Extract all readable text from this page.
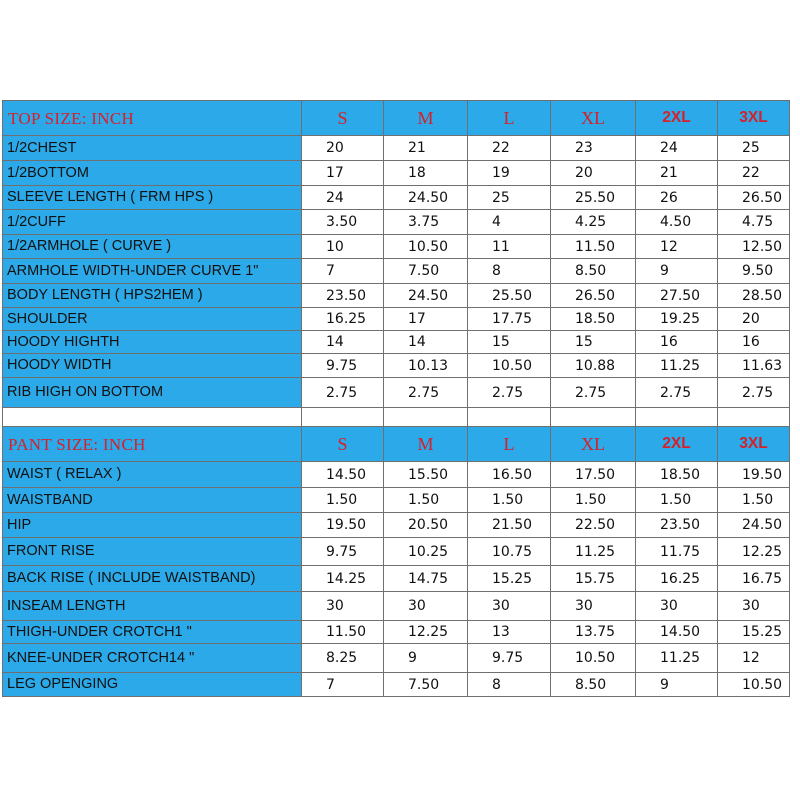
TOP SIZE: INCH	S	M	L	XL	2XL	3XL
1/2CHEST	20	21	22	23	24	25
1/2BOTTOM	17	18	19	20	21	22
SLEEVE LENGTH ( FRM HPS )	24	24.50	25	25.50	26	26.50
1/2CUFF	3.50	3.75	4	4.25	4.50	4.75
1/2ARMHOLE ( CURVE )	10	10.50	11	11.50	12	12.50
ARMHOLE WIDTH-UNDER CURVE 1"	7	7.50	8	8.50	9	9.50
BODY LENGTH ( HPS2HEM )	23.50	24.50	25.50	26.50	27.50	28.50
SHOULDER	16.25	17	17.75	18.50	19.25	20
HOODY HIGHTH	14	14	15	15	16	16
HOODY WIDTH	9.75	10.13	10.50	10.88	11.25	11.63
RIB HIGH ON BOTTOM	2.75	2.75	2.75	2.75	2.75	2.75

PANT SIZE: INCH	S	M	L	XL	2XL	3XL
WAIST ( RELAX )	14.50	15.50	16.50	17.50	18.50	19.50
WAISTBAND	1.50	1.50	1.50	1.50	1.50	1.50
HIP	19.50	20.50	21.50	22.50	23.50	24.50
FRONT RISE	9.75	10.25	10.75	11.25	11.75	12.25
BACK RISE ( INCLUDE WAISTBAND)	14.25	14.75	15.25	15.75	16.25	16.75
INSEAM LENGTH	30	30	30	30	30	30
THIGH-UNDER CROTCH1 "	11.50	12.25	13	13.75	14.50	15.25
KNEE-UNDER CROTCH14 "	8.25	9	9.75	10.50	11.25	12
LEG OPENGING	7	7.50	8	8.50	9	10.50
